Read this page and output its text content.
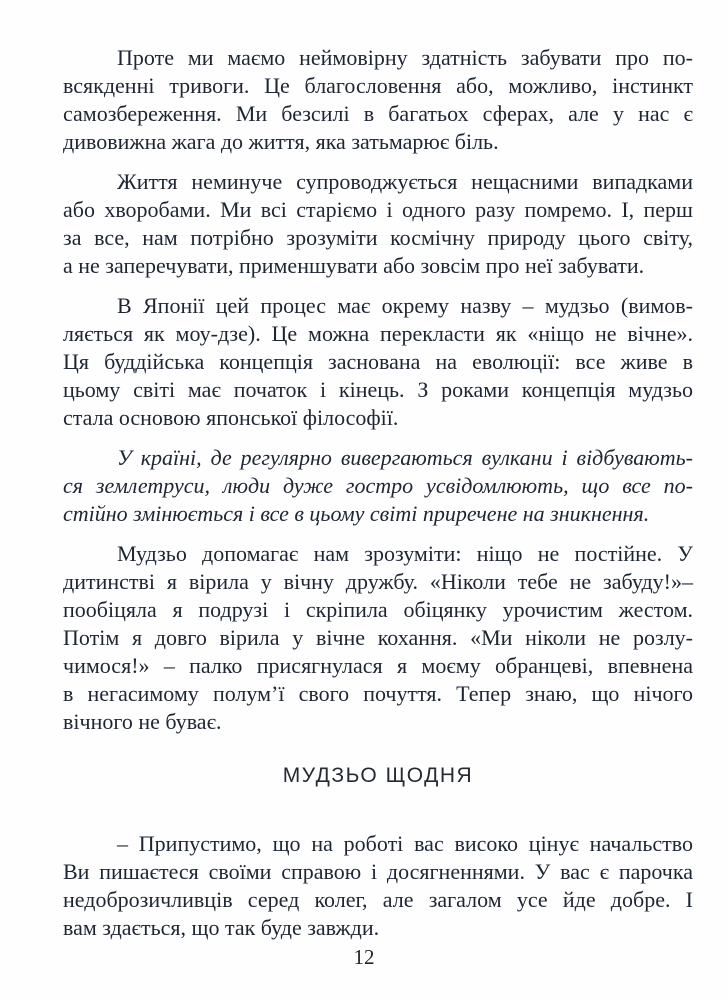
Проте ми маємо неймовірну здатність забувати про по-
всякденні тривоги. Це благословення або, можливо, інстинкт
самозбереження. Ми безсилі в багатьох сферах, але у нас є
дивовижна жага до життя, яка затьмарює біль.
Життя неминуче супроводжується нещасними випадками
або хворобами. Ми всі старіємо і одного разу помремо. І, перш
за все, нам потрібно зрозуміти космічну природу цього світу,
а не заперечувати, применшувати або зовсім про неї забувати.
В Японії цей процес має окрему назву – мудзьо (вимов-
ляється як моу-дзе). Це можна перекласти як «ніщо не вічне».
Ця буддійська концепція заснована на еволюції: все живе в
цьому світі має початок і кінець. З роками концепція мудзьо
стала основою японської філософії.
У країні, де регулярно вивергаються вулкани і відбувають-
ся землетруси, люди дуже гостро усвідомлюють, що все по-
стійно змінюється і все в цьому світі приречене на зникнення.
Мудзьо допомагає нам зрозуміти: ніщо не постійне. У
дитинстві я вірила у вічну дружбу. «Ніколи тебе не забуду!»–
пообіцяла я подрузі і скріпила обіцянку урочистим жестом.
Потім я довго вірила у вічне кохання. «Ми ніколи не розлу-
чимося!» – палко присягнулася я моєму обранцеві, впевнена
в негасимому полум’ї свого почуття. Тепер знаю, що нічого
вічного не буває.
МУДЗЬО ЩОДНЯ
– Припустимо, що на роботі вас високо цінує начальство
Ви пишаєтеся своїми справою і досягненнями. У вас є парочка
недоброзичливців серед колег, але загалом усе йде добре. І
вам здається, що так буде завжди.
12
